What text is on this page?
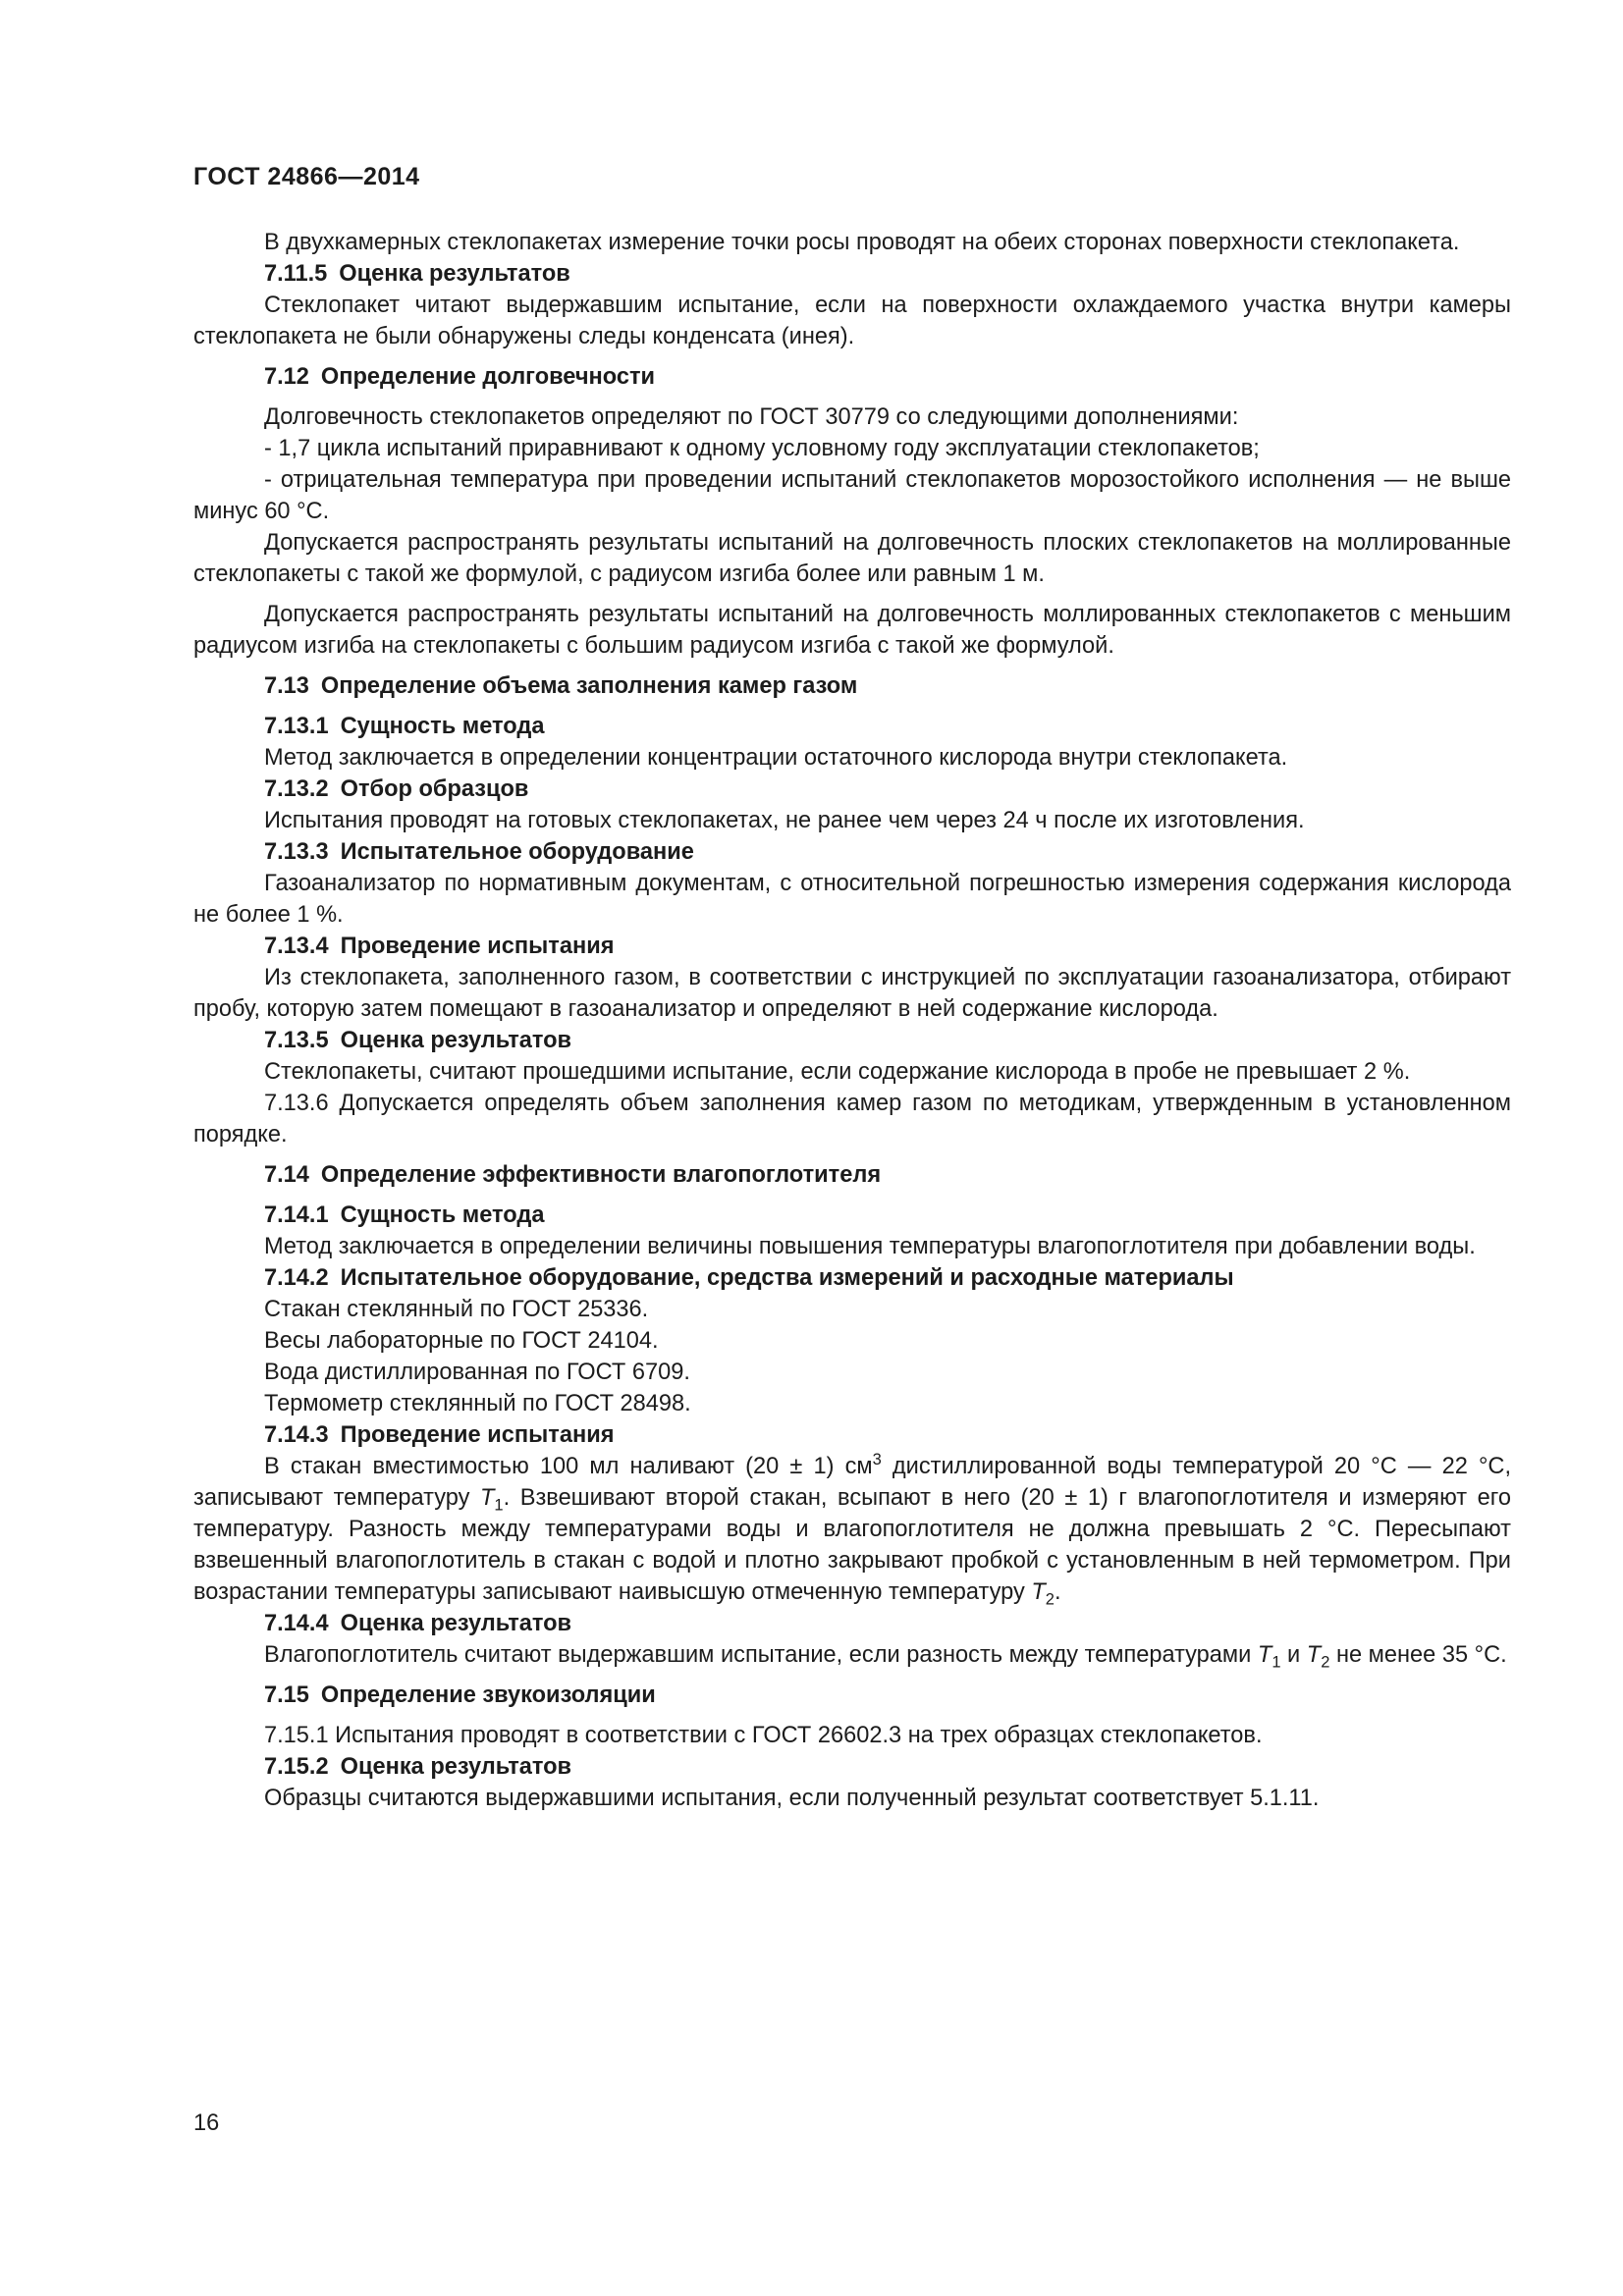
ГОСТ 24866—2014

В двухкамерных стеклопакетах измерение точки росы проводят на обеих сторонах поверхности стеклопакета.

7.11.5 Оценка результатов

Стеклопакет читают выдержавшим испытание, если на поверхности охлаждаемого участка внутри камеры стеклопакета не были обнаружены следы конденсата (инея).

7.12 Определение долговечности

Долговечность стеклопакетов определяют по ГОСТ 30779 со следующими дополнениями:

- 1,7 цикла испытаний приравнивают к одному условному году эксплуатации стеклопакетов;

- отрицательная температура при проведении испытаний стеклопакетов морозостойкого исполнения — не выше минус 60 °С.

Допускается распространять результаты испытаний на долговечность плоских стеклопакетов на моллированные стеклопакеты с такой же формулой, с радиусом изгиба более или равным 1 м.

Допускается распространять результаты испытаний на долговечность моллированных стеклопакетов с меньшим радиусом изгиба на стеклопакеты с большим радиусом изгиба с такой же формулой.

7.13 Определение объема заполнения камер газом

7.13.1 Сущность метода

Метод заключается в определении концентрации остаточного кислорода внутри стеклопакета.

7.13.2 Отбор образцов

Испытания проводят на готовых стеклопакетах, не ранее чем через 24 ч после их изготовления.

7.13.3 Испытательное оборудование

Газоанализатор по нормативным документам, с относительной погрешностью измерения содержания кислорода не более 1 %.

7.13.4 Проведение испытания

Из стеклопакета, заполненного газом, в соответствии с инструкцией по эксплуатации газоанализатора, отбирают пробу, которую затем помещают в газоанализатор и определяют в ней содержание кислорода.

7.13.5 Оценка результатов

Стеклопакеты, считают прошедшими испытание, если содержание кислорода в пробе не превышает 2 %.

7.13.6 Допускается определять объем заполнения камер газом по методикам, утвержденным в установленном порядке.

7.14 Определение эффективности влагопоглотителя

7.14.1 Сущность метода

Метод заключается в определении величины повышения температуры влагопоглотителя при добавлении воды.

7.14.2 Испытательное оборудование, средства измерений и расходные материалы

Стакан стеклянный по ГОСТ 25336.

Весы лабораторные по ГОСТ 24104.

Вода дистиллированная по ГОСТ 6709.

Термометр стеклянный по ГОСТ 28498.

7.14.3 Проведение испытания

В стакан вместимостью 100 мл наливают (20 ± 1) $см^3$ дистиллированной воды температурой 20 °С — 22 °С, записывают температуру $T_1$. Взвешивают второй стакан, всыпают в него (20 ± 1) г влагопоглотителя и измеряют его температуру. Разность между температурами воды и влагопоглотителя не должна превышать 2 °С. Пересыпают взвешенный влагопоглотитель в стакан с водой и плотно закрывают пробкой с установленным в ней термометром. При возрастании температуры записывают наивысшую отмеченную температуру $T_2$.

7.14.4 Оценка результатов

Влагопоглотитель считают выдержавшим испытание, если разность между температурами $T_1$ и $T_2$ не менее 35 °С.

7.15 Определение звукоизоляции

7.15.1 Испытания проводят в соответствии с ГОСТ 26602.3 на трех образцах стеклопакетов.

7.15.2 Оценка результатов

Образцы считаются выдержавшими испытания, если полученный результат соответствует 5.1.11.

16
